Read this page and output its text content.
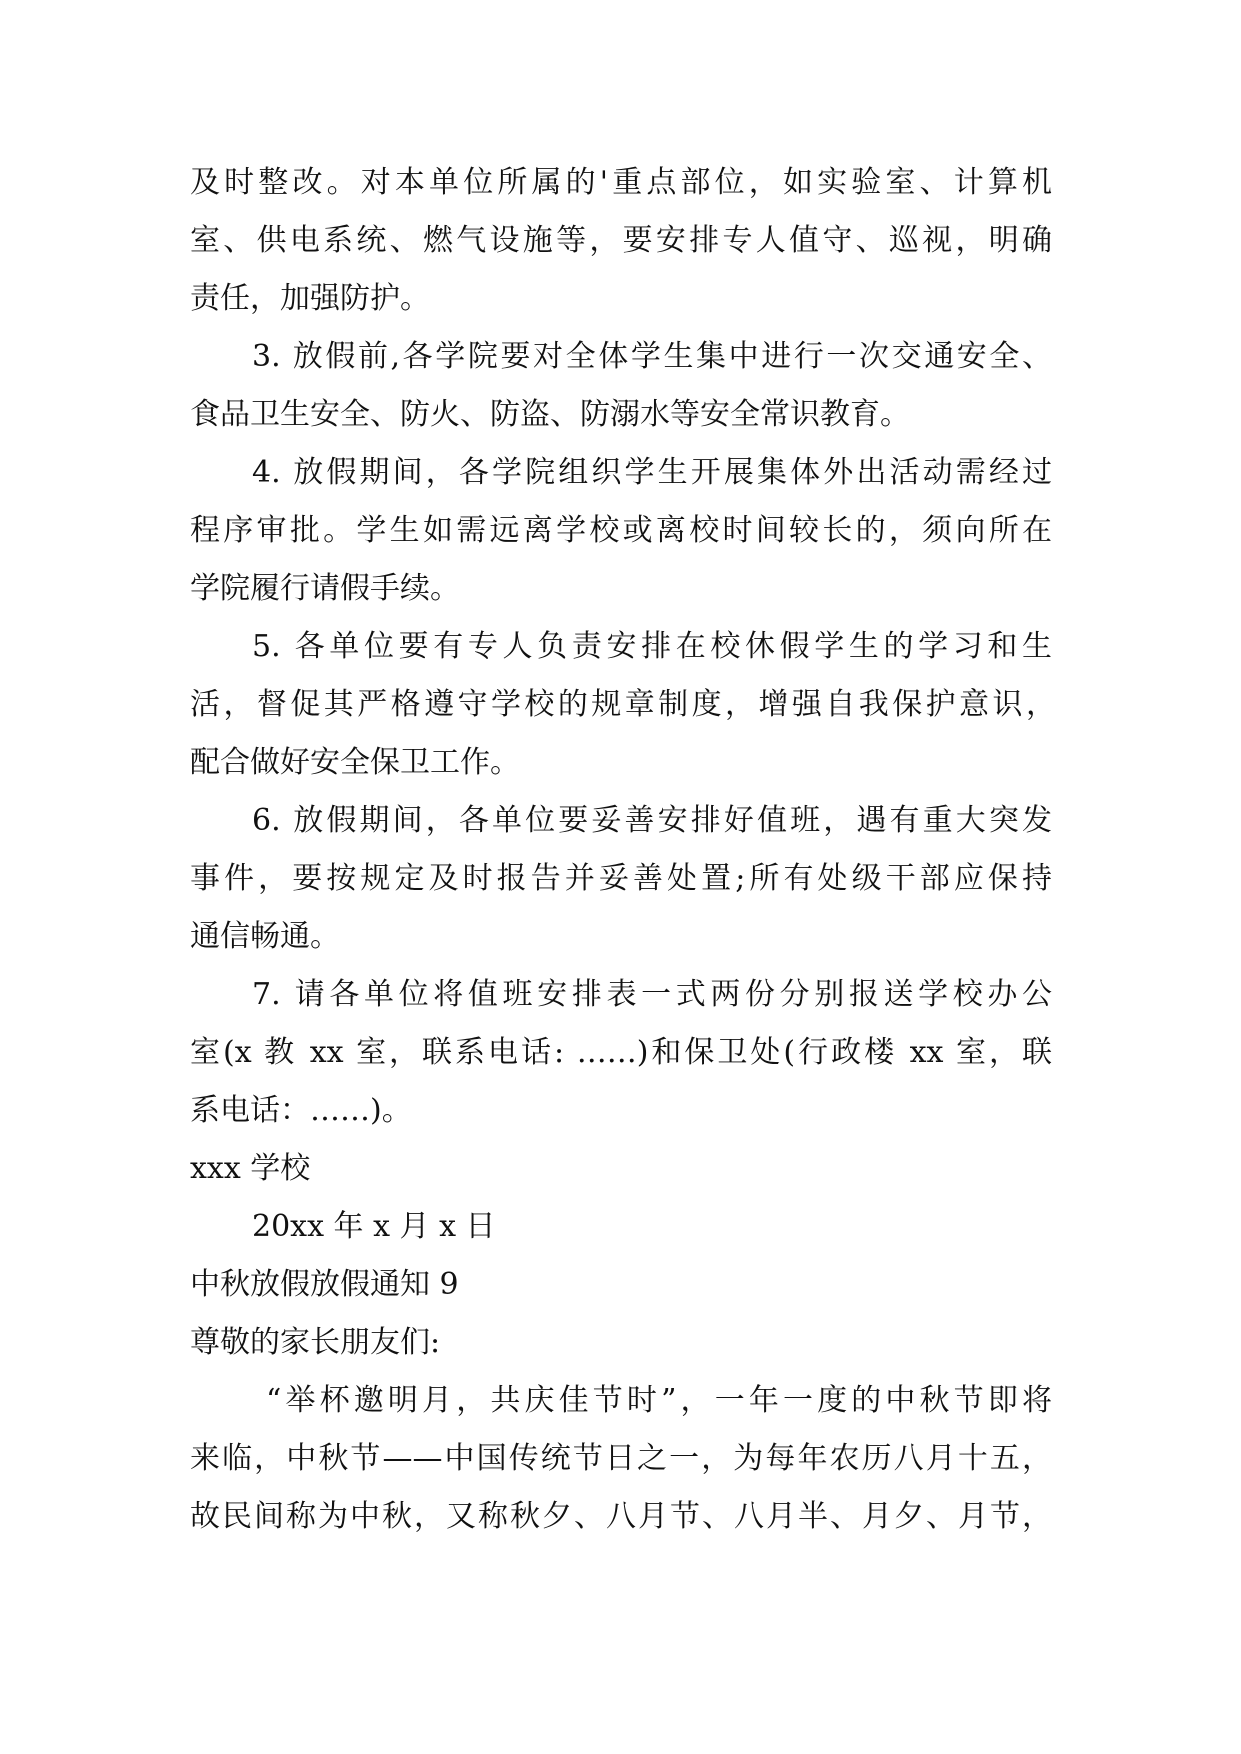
及时整改。对本单位所属的'重点部位，如实验室、计算机

室、供电系统、燃气设施等，要安排专人值守、巡视，明确

责任，加强防护。

3. 放假前,各学院要对全体学生集中进行一次交通安全、

食品卫生安全、防火、防盗、防溺水等安全常识教育。

4. 放假期间，各学院组织学生开展集体外出活动需经过

程序审批。学生如需远离学校或离校时间较长的，须向所在

学院履行请假手续。

5. 各单位要有专人负责安排在校休假学生的学习和生

活，督促其严格遵守学校的规章制度，增强自我保护意识，

配合做好安全保卫工作。

6. 放假期间，各单位要妥善安排好值班，遇有重大突发

事件，要按规定及时报告并妥善处置;所有处级干部应保持

通信畅通。

7. 请各单位将值班安排表一式两份分别报送学校办公

室(x 教 xx 室，联系电话: ……)和保卫处(行政楼 xx 室，联

系电话：……)。

xxx 学校

20xx 年 x 月 x 日

中秋放假放假通知 9

尊敬的家长朋友们:

“举杯邀明月，共庆佳节时”，一年一度的中秋节即将

来临，中秋节——中国传统节日之一，为每年农历八月十五，

故民间称为中秋，又称秋夕、八月节、八月半、月夕、月节，
